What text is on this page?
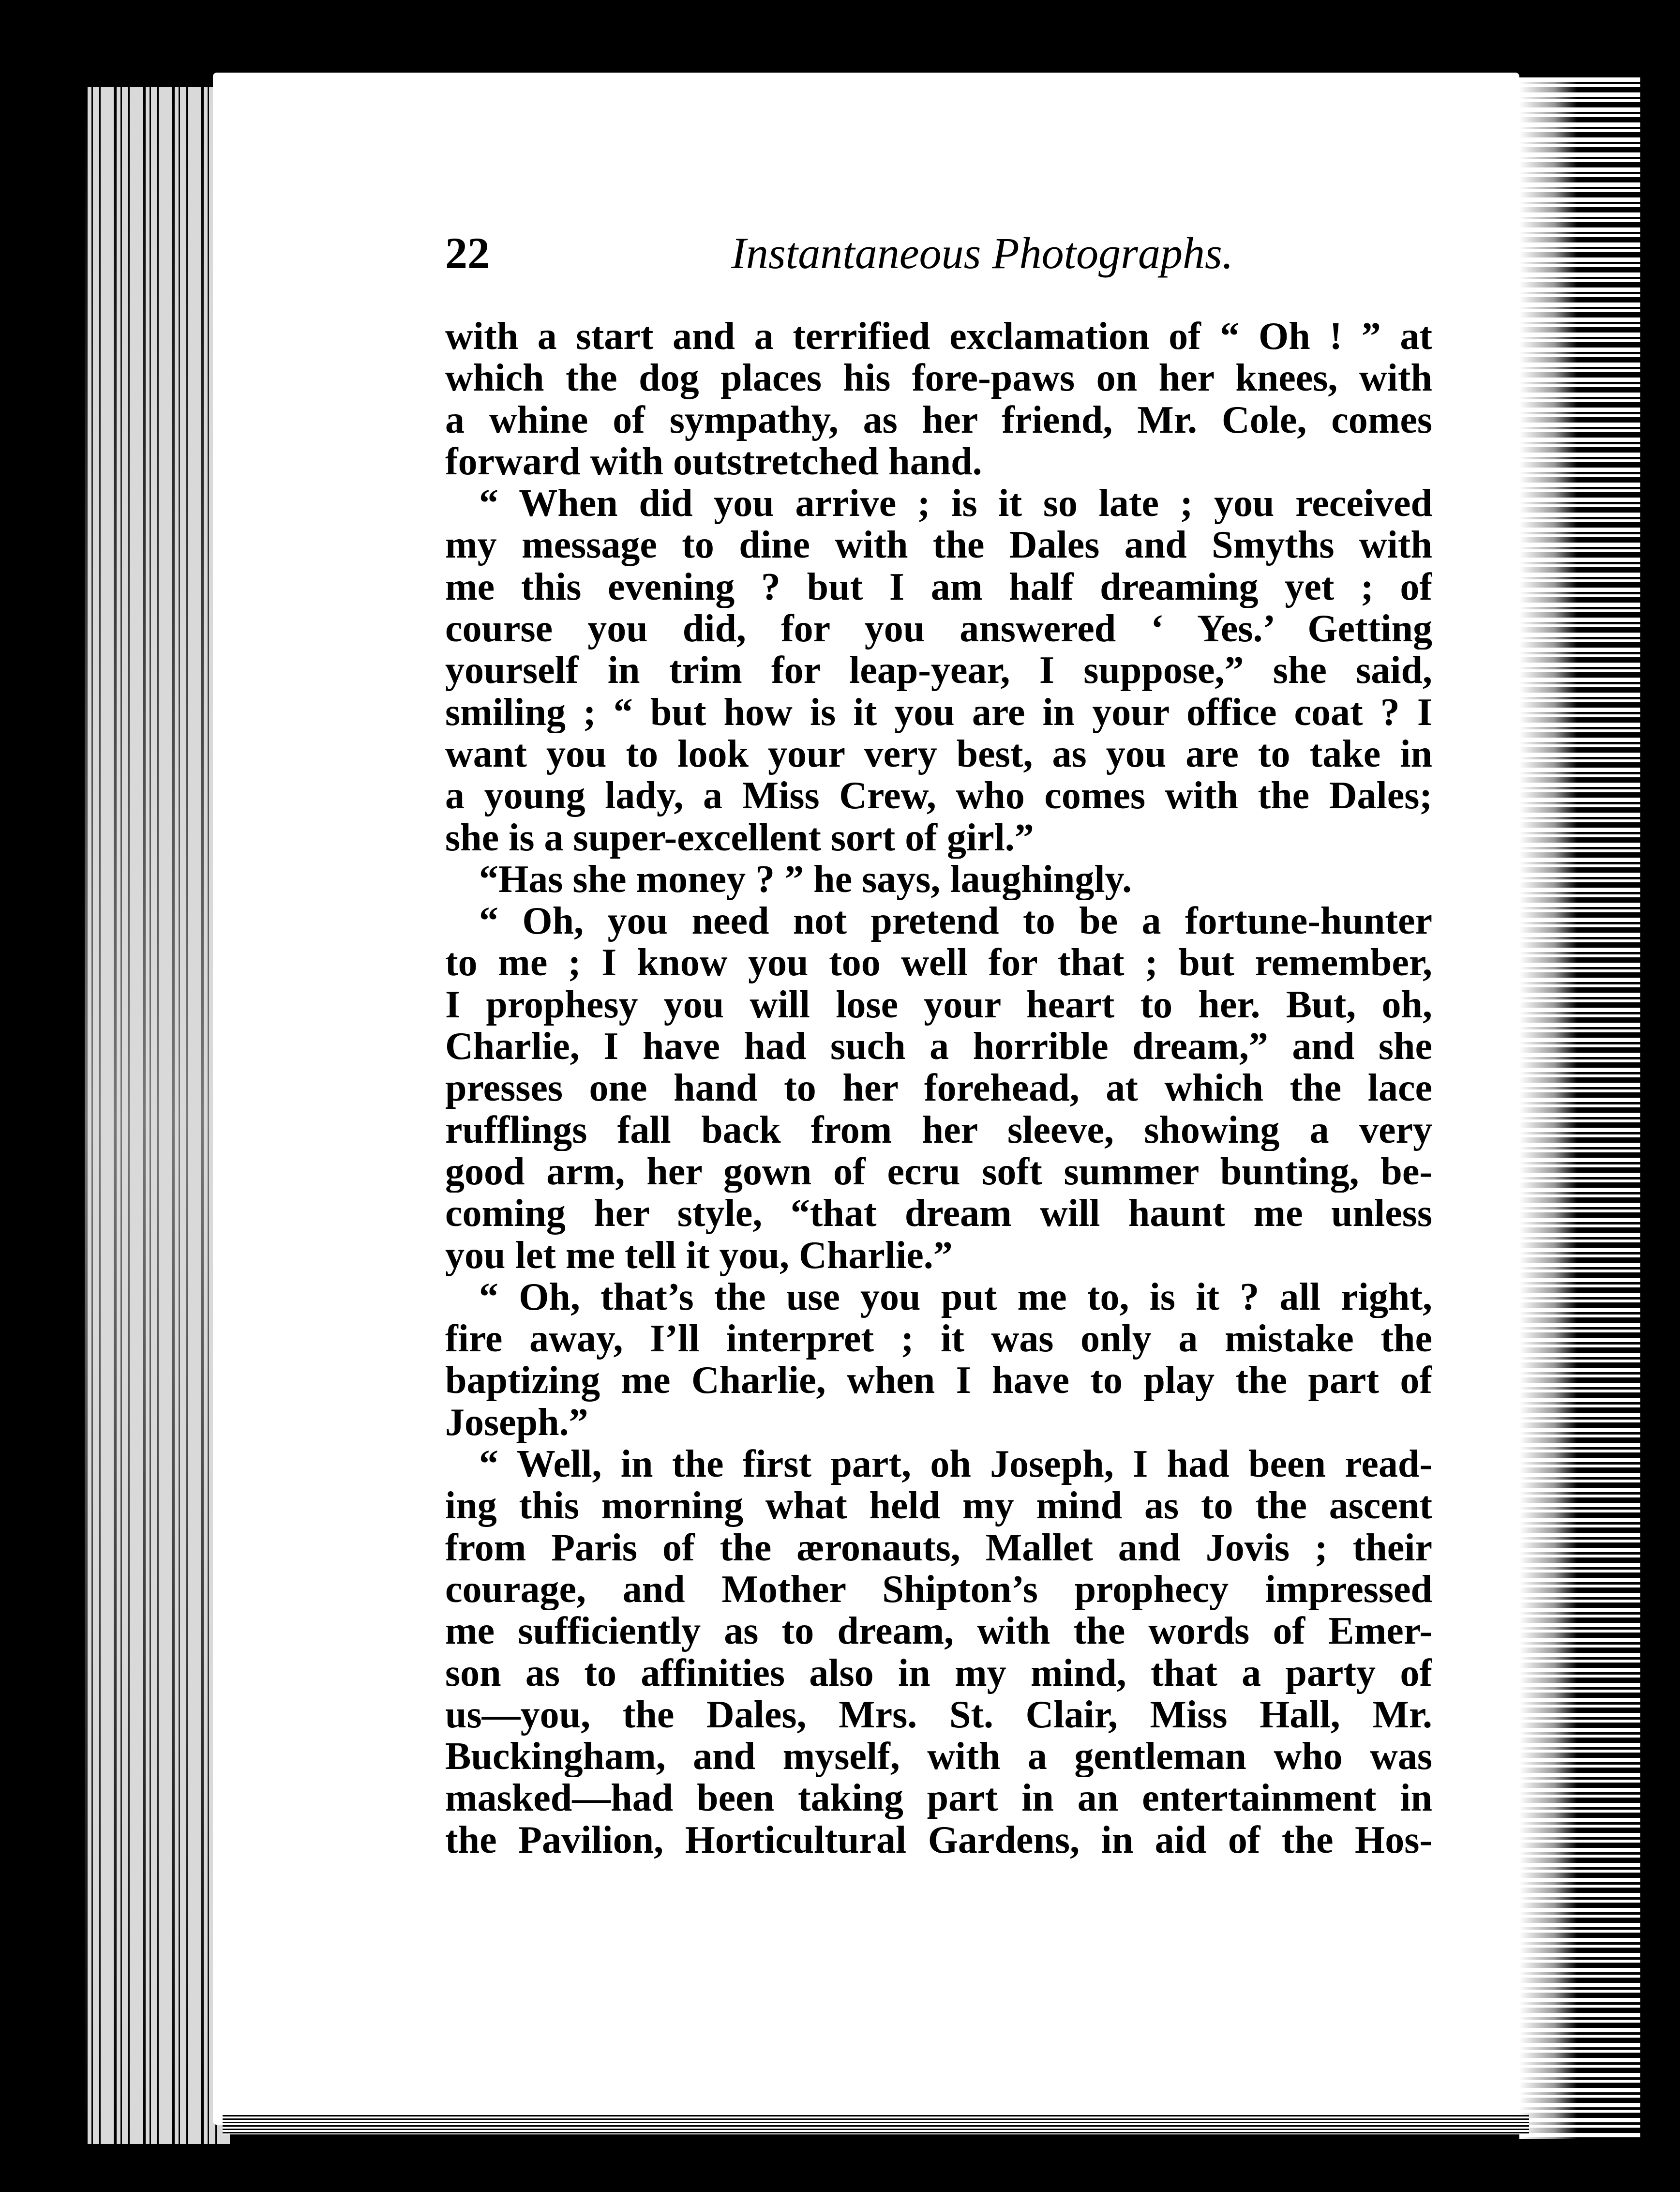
22	Instantaneous Photographs.
with a start and a terrified exclamation of “ Oh ! ” at
which the dog places his fore-paws on her knees, with
a whine of sympathy, as her friend, Mr. Cole, comes
forward with outstretched hand.
“ When did you arrive ; is it so late ; you received
my message to dine with the Dales and Smyths with
me this evening ? but I am half dreaming yet ; of
course you did, for you answered ‘ Yes.’ Getting
yourself in trim for leap-year, I suppose,” she said,
smiling ; “ but how is it you are in your office coat ? I
want you to look your very best, as you are to take in
a young lady, a Miss Crew, who comes with the Dales;
she is a super-excellent sort of girl.”
“Has she money ? ” he says, laughingly.
“ Oh, you need not pretend to be a fortune-hunter
to me ; I know you too well for that ; but remember,
I prophesy you will lose your heart to her. But, oh,
Charlie, I have had such a horrible dream,” and she
presses one hand to her forehead, at which the lace
rufflings fall back from her sleeve, showing a very
good arm, her gown of ecru soft summer bunting, be-
coming her style, “that dream will haunt me unless
you let me tell it you, Charlie.”
“ Oh, that’s the use you put me to, is it ? all right,
fire away, I’ll interpret ; it was only a mistake the
baptizing me Charlie, when I have to play the part of
Joseph.”
“ Well, in the first part, oh Joseph, I had been read-
ing this morning what held my mind as to the ascent
from Paris of the æronauts, Mallet and Jovis ; their
courage, and Mother Shipton’s prophecy impressed
me sufficiently as to dream, with the words of Emer-
son as to affinities also in my mind, that a party of
us—you, the Dales, Mrs. St. Clair, Miss Hall, Mr.
Buckingham, and myself, with a gentleman who was
masked—had been taking part in an entertainment in
the Pavilion, Horticultural Gardens, in aid of the Hos-
